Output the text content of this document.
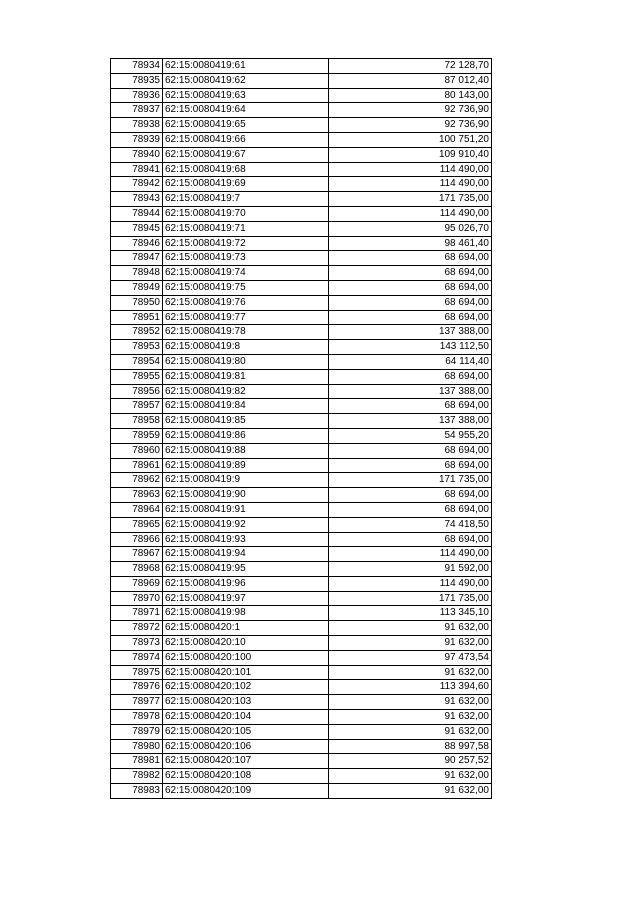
78934	62:15:0080419:61	72 128,70
78935	62:15:0080419:62	87 012,40
78936	62:15:0080419:63	80 143,00
78937	62:15:0080419:64	92 736,90
78938	62:15:0080419:65	92 736,90
78939	62:15:0080419:66	100 751,20
78940	62:15:0080419:67	109 910,40
78941	62:15:0080419:68	114 490,00
78942	62:15:0080419:69	114 490,00
78943	62:15:0080419:7	171 735,00
78944	62:15:0080419:70	114 490,00
78945	62:15:0080419:71	95 026,70
78946	62:15:0080419:72	98 461,40
78947	62:15:0080419:73	68 694,00
78948	62:15:0080419:74	68 694,00
78949	62:15:0080419:75	68 694,00
78950	62:15:0080419:76	68 694,00
78951	62:15:0080419:77	68 694,00
78952	62:15:0080419:78	137 388,00
78953	62:15:0080419:8	143 112,50
78954	62:15:0080419:80	64 114,40
78955	62:15:0080419:81	68 694,00
78956	62:15:0080419:82	137 388,00
78957	62:15:0080419:84	68 694,00
78958	62:15:0080419:85	137 388,00
78959	62:15:0080419:86	54 955,20
78960	62:15:0080419:88	68 694,00
78961	62:15:0080419:89	68 694,00
78962	62:15:0080419:9	171 735,00
78963	62:15:0080419:90	68 694,00
78964	62:15:0080419:91	68 694,00
78965	62:15:0080419:92	74 418,50
78966	62:15:0080419:93	68 694,00
78967	62:15:0080419:94	114 490,00
78968	62:15:0080419:95	91 592,00
78969	62:15:0080419:96	114 490,00
78970	62:15:0080419:97	171 735,00
78971	62:15:0080419:98	113 345,10
78972	62:15:0080420:1	91 632,00
78973	62:15:0080420:10	91 632,00
78974	62:15:0080420:100	97 473,54
78975	62:15:0080420:101	91 632,00
78976	62:15:0080420:102	113 394,60
78977	62:15:0080420:103	91 632,00
78978	62:15:0080420:104	91 632,00
78979	62:15:0080420:105	91 632,00
78980	62:15:0080420:106	88 997,58
78981	62:15:0080420:107	90 257,52
78982	62:15:0080420:108	91 632,00
78983	62:15:0080420:109	91 632,00
